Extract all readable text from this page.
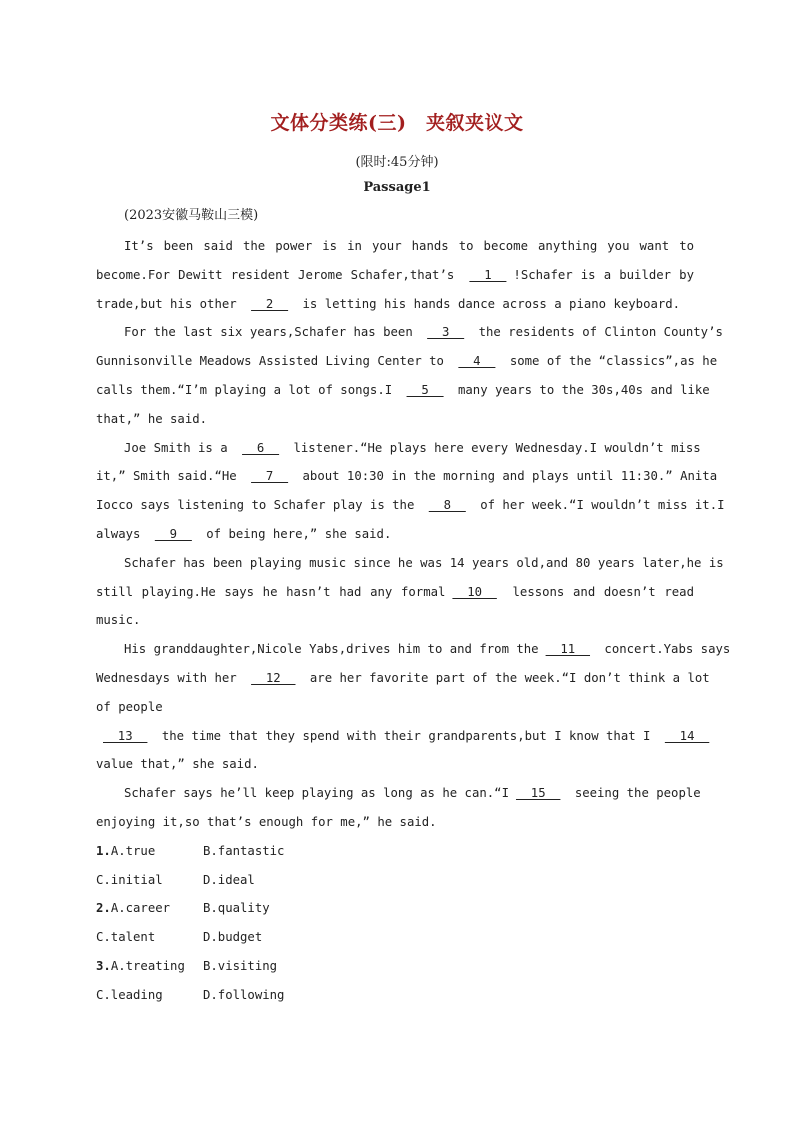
文体分类练(三)　夹叙夹议文
(限时:45分钟)
Passage1
(2023安徽马鞍山三模)
It’s been said the power is in your hands to become anything you want to
become.For Dewitt resident Jerome Schafer,that’s   1  !Schafer is a builder by
trade,but his other   2   is letting his hands dance across a piano keyboard.
For the last six years,Schafer has been   3   the residents of Clinton County’s
Gunnisonville Meadows Assisted Living Center to   4   some of the “classics”,as he
calls them.“I’m playing a lot of songs.I   5   many years to the 30s,40s and like
that,” he said.
Joe Smith is a   6   listener.“He plays here every Wednesday.I wouldn’t miss
it,” Smith said.“He   7   about 10:30 in the morning and plays until 11:30.” Anita
Iocco says listening to Schafer play is the   8   of her week.“I wouldn’t miss it.I
always   9   of being here,” she said.
Schafer has been playing music since he was 14 years old,and 80 years later,he is
still playing.He says he hasn’t had any formal  10   lessons and doesn’t read
music.
His granddaughter,Nicole Yabs,drives him to and from the  11   concert.Yabs says
Wednesdays with her   12   are her favorite part of the week.“I don’t think a lot
of people
13   the time that they spend with their grandparents,but I know that I   14
value that,” she said.
Schafer says he’ll keep playing as long as he can.“I  15   seeing the people
enjoying it,so that’s enough for me,” he said.
1.A.true	B.fantastic
C.initial	D.ideal
2.A.career	B.quality
C.talent	D.budget
3.A.treating B.visiting
C.leading	D.following
